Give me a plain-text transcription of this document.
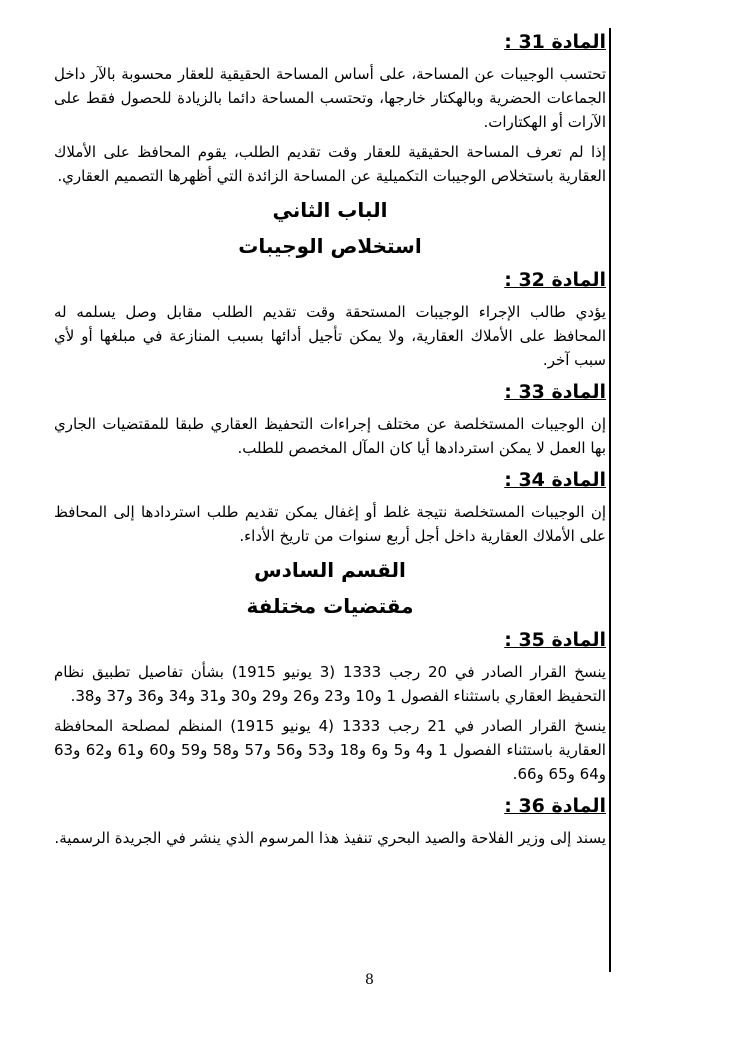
المادة 31 :
تحتسب الوجيبات عن المساحة، على أساس المساحة الحقيقية للعقار محسوبة بالآر داخل الجماعات الحضرية وبالهكتار خارجها، وتحتسب المساحة دائما بالزيادة للحصول فقط على الآرات أو الهكتارات.
إذا لم تعرف المساحة الحقيقية للعقار وقت تقديم الطلب، يقوم المحافظ على الأملاك العقارية باستخلاص الوجيبات التكميلية عن المساحة الزائدة التي أظهرها التصميم العقاري.
الباب الثاني
استخلاص الوجيبات
المادة 32 :
يؤدي طالب الإجراء الوجيبات المستحقة وقت تقديم الطلب مقابل وصل يسلمه له المحافظ على الأملاك العقارية، ولا يمكن تأجيل أدائها بسبب المنازعة في مبلغها أو لأي سبب آخر.
المادة 33 :
إن الوجيبات المستخلصة عن مختلف إجراءات التحفيظ العقاري طبقا للمقتضيات الجاري بها العمل لا يمكن استردادها أيا كان المآل المخصص للطلب.
المادة 34 :
إن الوجيبات المستخلصة نتيجة غلط أو إغفال يمكن تقديم طلب استردادها إلى المحافظ على الأملاك العقارية داخل أجل أربع سنوات من تاريخ الأداء.
القسم السادس
مقتضيات مختلفة
المادة 35 :
ينسخ القرار الصادر في 20 رجب 1333 (3 يونيو 1915) بشأن تفاصيل تطبيق نظام التحفيظ العقاري باستثناء الفصول 1 و10 و23 و26 و29 و30 و31 و34 و36 و37 و38.
ينسخ القرار الصادر في 21 رجب 1333 (4 يونيو 1915) المنظم لمصلحة المحافظة العقارية باستثناء الفصول 1 و4 و5 و6 و18 و53 و56 و57 و58 و59 و60 و61 و62 و63 و64 و65 و66.
المادة 36 :
يسند إلى وزير الفلاحة والصيد البحري تنفيذ هذا المرسوم الذي ينشر في الجريدة الرسمية.
8
